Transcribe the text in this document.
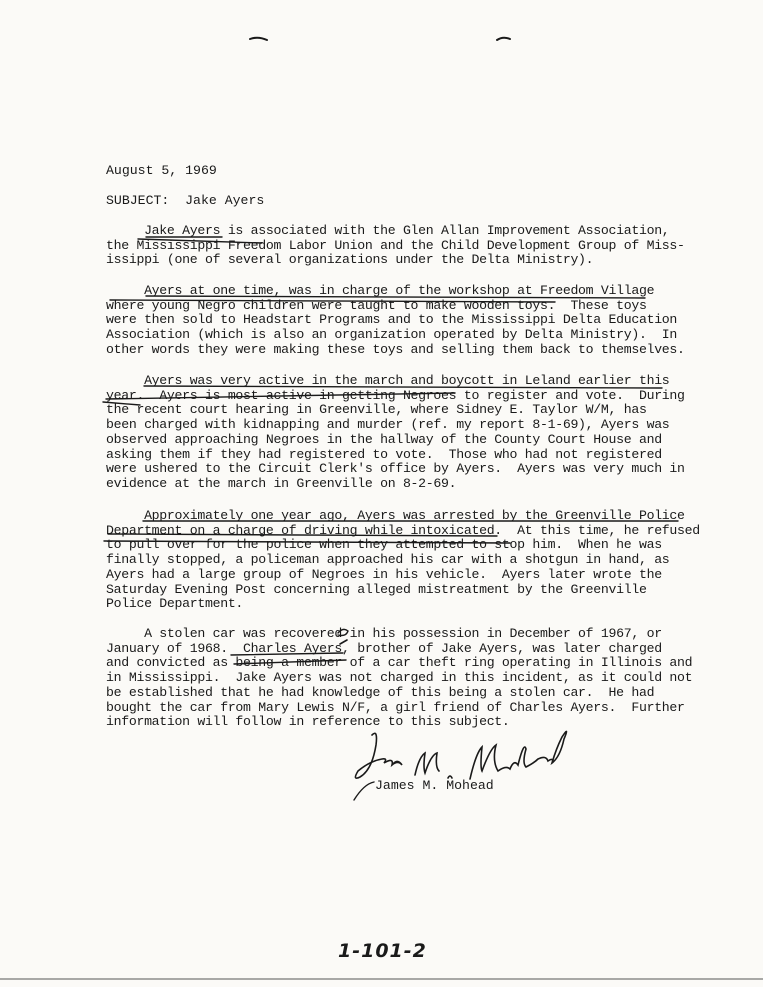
August 5, 1969
SUBJECT: Jake Ayers
Jake Ayers is associated with the Glen Allan Improvement Association,
the Mississippi Freedom Labor Union and the Child Development Group of Miss-
issippi (one of several organizations under the Delta Ministry).
Ayers at one time, was in charge of the workshop at Freedom Village
where young Negro children were taught to make wooden toys.  These toys
were then sold to Headstart Programs and to the Mississippi Delta Education
Association (which is also an organization operated by Delta Ministry).  In
other words they were making these toys and selling them back to themselves.
Ayers was very active in the march and boycott in Leland earlier this
year.  Ayers is most active in getting Negroes to register and vote.  During
the recent court hearing in Greenville, where Sidney E. Taylor W/M, has
been charged with kidnapping and murder (ref. my report 8-1-69), Ayers was
observed approaching Negroes in the hallway of the County Court House and
asking them if they had registered to vote.  Those who had not registered
were ushered to the Circuit Clerk's office by Ayers.  Ayers was very much in
evidence at the march in Greenville on 8-2-69.
Approximately one year ago, Ayers was arrested by the Greenville Police
Department on a charge of driving while intoxicated.  At this time, he refused
to pull over for the police when they attempted to stop him.  When he was
finally stopped, a policeman approached his car with a shotgun in hand, as
Ayers had a large group of Negroes in his vehicle.  Ayers later wrote the
Saturday Evening Post concerning alleged mistreatment by the Greenville
Police Department.
A stolen car was recovered in his possession in December of 1967, or
January of 1968.  Charles Ayers, brother of Jake Ayers, was later charged
and convicted as being a member of a car theft ring operating in Illinois and
in Mississippi.  Jake Ayers was not charged in this incident, as it could not
be established that he had knowledge of this being a stolen car.  He had
bought the car from Mary Lewis N/F, a girl friend of Charles Ayers.  Further
information will follow in reference to this subject.
James M. Mohead
1-101-2
